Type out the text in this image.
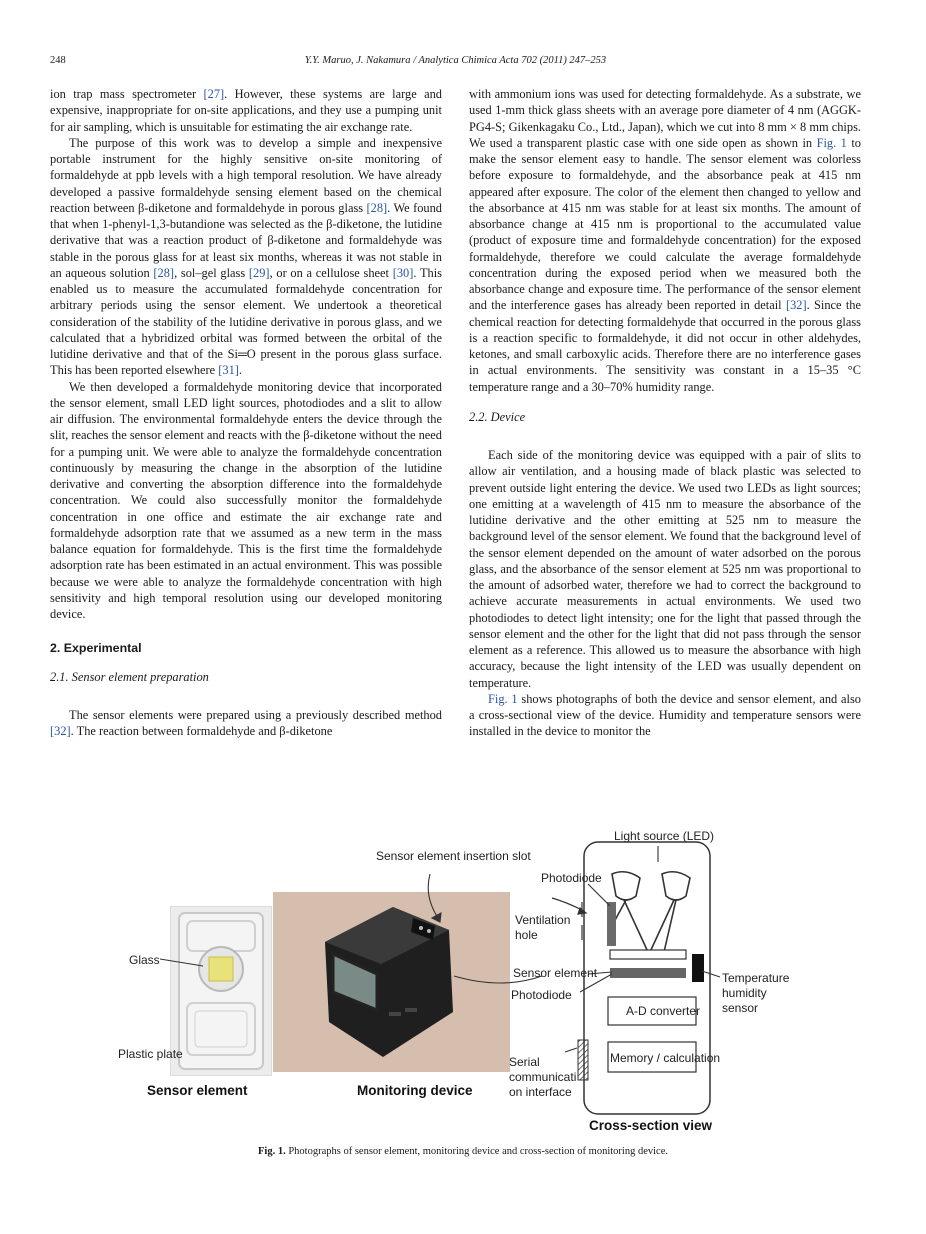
248	Y.Y. Maruo, J. Nakamura / Analytica Chimica Acta 702 (2011) 247–253

ion trap mass spectrometer [27]. However, these systems are large and expensive, inappropriate for on-site applications, and they use a pumping unit for air sampling, which is unsuitable for estimating the air exchange rate.

The purpose of this work was to develop a simple and inexpensive portable instrument for the highly sensitive on-site monitoring of formaldehyde at ppb levels with a high temporal resolution. We have already developed a passive formaldehyde sensing element based on the chemical reaction between β-diketone and formaldehyde in porous glass [28]. We found that when 1-phenyl-1,3-butandione was selected as the β-diketone, the lutidine derivative that was a reaction product of β-diketone and formaldehyde was stable in the porous glass for at least six months, whereas it was not stable in an aqueous solution [28], sol–gel glass [29], or on a cellulose sheet [30]. This enabled us to measure the accumulated formaldehyde concentration for arbitrary periods using the sensor element. We undertook a theoretical consideration of the stability of the lutidine derivative in porous glass, and we calculated that a hybridized orbital was formed between the orbital of the lutidine derivative and that of the Si═O present in the porous glass surface. This has been reported elsewhere [31].

We then developed a formaldehyde monitoring device that incorporated the sensor element, small LED light sources, photodiodes and a slit to allow air diffusion. The environmental formaldehyde enters the device through the slit, reaches the sensor element and reacts with the β-diketone without the need for a pumping unit. We were able to analyze the formaldehyde concentration continuously by measuring the change in the absorption of the lutidine derivative and converting the absorption difference into the formaldehyde concentration. We could also successfully monitor the formaldehyde concentration in one office and estimate the air exchange rate and formaldehyde adsorption rate that we assumed as a new term in the mass balance equation for formaldehyde. This is the first time the formaldehyde adsorption rate has been estimated in an actual environment. This was possible because we were able to analyze the formaldehyde concentration with high sensitivity and high temporal resolution using our developed monitoring device.

2. Experimental

2.1. Sensor element preparation

The sensor elements were prepared using a previously described method [32]. The reaction between formaldehyde and β-diketone

with ammonium ions was used for detecting formaldehyde. As a substrate, we used 1-mm thick glass sheets with an average pore diameter of 4 nm (AGGK-PG4-S; Gikenkagaku Co., Ltd., Japan), which we cut into 8 mm × 8 mm chips. We used a transparent plastic case with one side open as shown in Fig. 1 to make the sensor element easy to handle. The sensor element was colorless before exposure to formaldehyde, and the absorbance peak at 415 nm appeared after exposure. The color of the element then changed to yellow and the absorbance at 415 nm was stable for at least six months. The amount of absorbance change at 415 nm is proportional to the accumulated value (product of exposure time and formaldehyde concentration) for the exposed formaldehyde, therefore we could calculate the average formaldehyde concentration during the exposed period when we measured both the absorbance change and exposure time. The performance of the sensor element and the interference gases has already been reported in detail [32]. Since the chemical reaction for detecting formaldehyde that occurred in the porous glass is a reaction specific to formaldehyde, it did not occur in other aldehydes, ketones, and small carboxylic acids. Therefore there are no interference gases in actual environments. The sensitivity was constant in a 15–35 °C temperature range and a 30–70% humidity range.

2.2. Device

Each side of the monitoring device was equipped with a pair of slits to allow air ventilation, and a housing made of black plastic was selected to prevent outside light entering the device. We used two LEDs as light sources; one emitting at a wavelength of 415 nm to measure the absorbance of the lutidine derivative and the other emitting at 525 nm to measure the background level of the sensor element. We found that the background level of the sensor element depended on the amount of water adsorbed on the porous glass, and the absorbance of the sensor element at 525 nm was proportional to the amount of adsorbed water, therefore we had to correct the background to achieve accurate measurements in actual environments. We used two photodiodes to detect light intensity; one for the light that passed through the sensor element and the other for the light that did not pass through the sensor element as a reference. This allowed us to measure the absorbance with high accuracy, because the light intensity of the LED was usually dependent on temperature.

Fig. 1 shows photographs of both the device and sensor element, and also a cross-sectional view of the device. Humidity and temperature sensors were installed in the device to monitor the

Light source (LED)
Sensor element insertion slot
Photodiode
Ventilation
hole
Glass
Sensor element
Photodiode
Temperature
humidity
sensor
A-D converter
Memory / calculation
Plastic plate
Serial
communicati
on interface
Sensor element	Monitoring device
Cross-section view
Fig. 1. Photographs of sensor element, monitoring device and cross-section of monitoring device.
